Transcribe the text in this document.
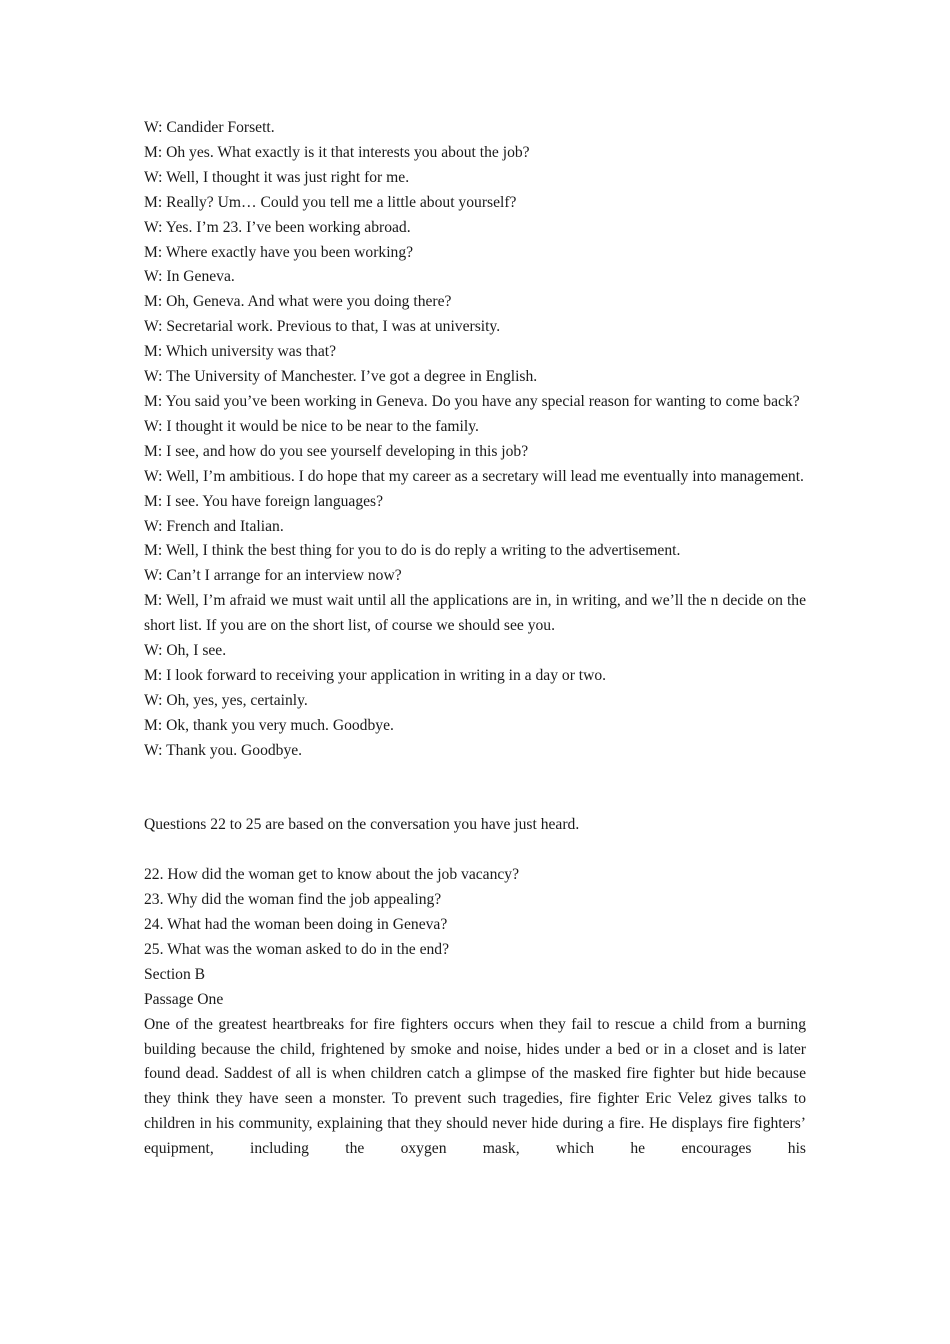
W: Candider Forsett.
M: Oh yes. What exactly is it that interests you about the job?
W: Well, I thought it was just right for me.
M: Really? Um… Could you tell me a little about yourself?
W: Yes. I’m 23. I’ve been working abroad.
M: Where exactly have you been working?
W: In Geneva.
M: Oh, Geneva. And what were you doing there?
W: Secretarial work. Previous to that, I was at university.
M: Which university was that?
W: The University of Manchester. I’ve got a degree in English.
M: You said you’ve been working in Geneva. Do you have any special reason for wanting to come back?
W: I thought it would be nice to be near to the family.
M: I see, and how do you see yourself developing in this job?
W: Well, I’m ambitious. I do hope that my career as a secretary will lead me eventually into management.
M: I see. You have foreign languages?
W: French and Italian.
M: Well, I think the best thing for you to do is do reply a writing to the advertisement.
W: Can’t I arrange for an interview now?
M: Well, I’m afraid we must wait until all the applications are in, in writing, and we’ll the n decide on the short list. If you are on the short list, of course we should see you.
W: Oh, I see.
M: I look forward to receiving your application in writing in a day or two.
W: Oh, yes, yes, certainly.
M: Ok, thank you very much. Goodbye.
W: Thank you. Goodbye.
Questions 22 to 25 are based on the conversation you have just heard.
22. How did the woman get to know about the job vacancy?
23. Why did the woman find the job appealing?
24. What had the woman been doing in Geneva?
25. What was the woman asked to do in the end?
Section B
Passage One
One of the greatest heartbreaks for fire fighters occurs when they fail to rescue a child from a burning building because the child, frightened by smoke and noise, hides under a bed or in a closet and is later found dead. Saddest of all is when children catch a glimpse of the masked fire fighter but hide because they think they have seen a monster. To prevent such tragedies, fire fighter Eric Velez gives talks to children in his community, explaining that they should never hide during a fire. He displays fire fighters’ equipment, including the oxygen mask, which he encourages his
